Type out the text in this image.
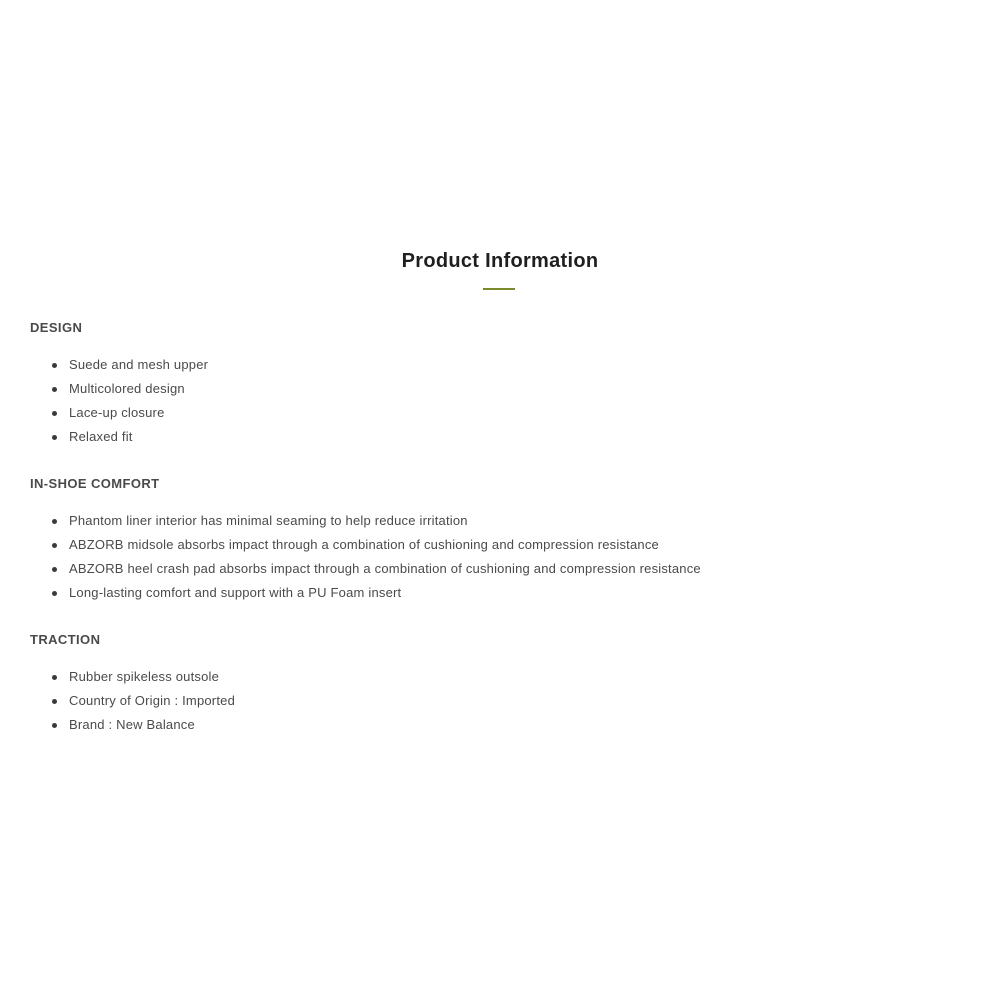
Product Information
DESIGN
Suede and mesh upper
Multicolored design
Lace-up closure
Relaxed fit
IN-SHOE COMFORT
Phantom liner interior has minimal seaming to help reduce irritation
ABZORB midsole absorbs impact through a combination of cushioning and compression resistance
ABZORB heel crash pad absorbs impact through a combination of cushioning and compression resistance
Long-lasting comfort and support with a PU Foam insert
TRACTION
Rubber spikeless outsole
Country of Origin : Imported
Brand : New Balance
